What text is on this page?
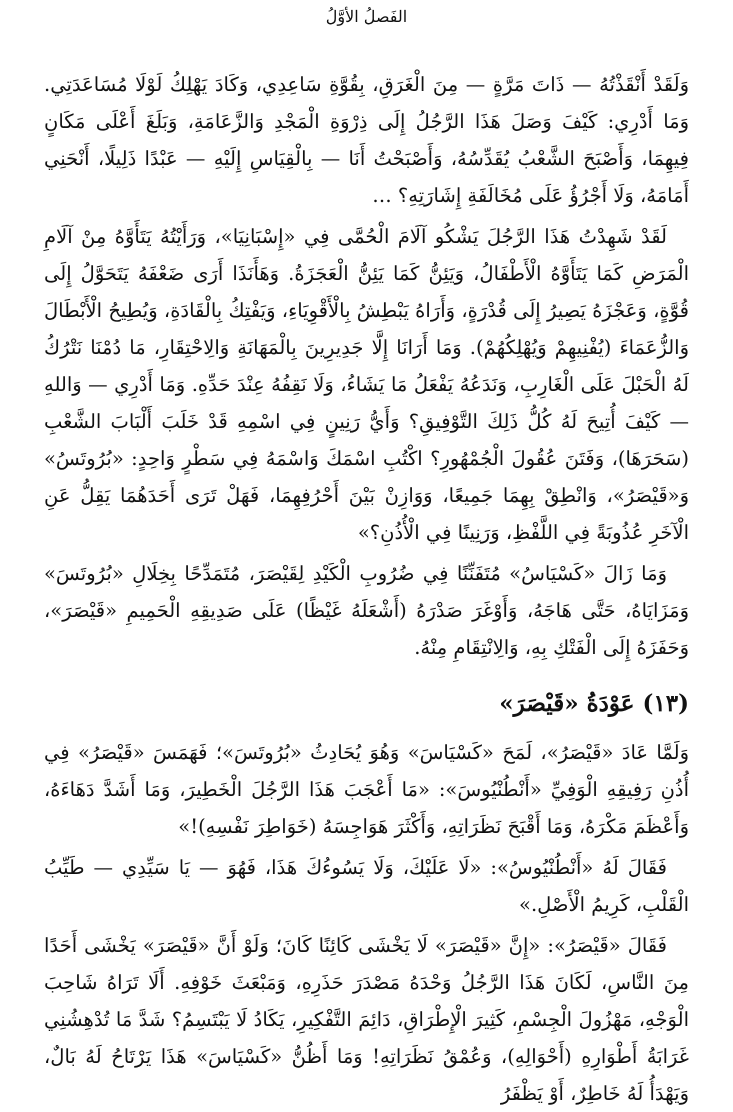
الفَصلُ الأوَّلُ

وَلَقَدْ أَنْقَذْتُهُ — ذَاتَ مَرَّةٍ — مِنَ الْغَرَقِ، بِقُوَّةِ سَاعِدِي، وَكَادَ يَهْلِكُ لَوْلَا مُسَاعَدَتِي. وَمَا أَدْرِي: كَيْفَ وَصَلَ هَذَا الرَّجُلُ إِلَى ذِرْوَةِ الْمَجْدِ وَالزَّعَامَةِ، وَبَلَغَ أَعْلَى مَكَانٍ فِيهِمَا، وَأَصْبَحَ الشَّعْبُ يُقَدِّسُهُ، وَأَصْبَحْتُ أَنَا — بِالْقِيَاسِ إِلَيْهِ — عَبْدًا ذَلِيلًا، أَنْحَنِي أَمَامَهُ، وَلَا أَجْرُؤُ عَلَى مُخَالَفَةِ إِشَارَتِهِ؟ …

لَقَدْ شَهِدْتُ هَذَا الرَّجُلَ يَشْكُو آلَامَ الْحُمَّى فِي «إِسْبَانِيَا»، وَرَأَيْتُهُ يَتَأَوَّهُ مِنْ آلَامِ الْمَرَضِ كَمَا يَتَأَوَّهُ الْأَطْفَالُ، وَيَئِنُّ كَمَا يَئِنُّ الْعَجَزَةُ. وَهَأَنَذَا أَرَى ضَعْفَهُ يَتَحَوَّلُ إِلَى قُوَّةٍ، وَعَجْزَهُ يَصِيرُ إِلَى قُدْرَةٍ، وَأَرَاهُ يَبْطِشُ بِالْأَقْوِيَاءِ، وَيَفْتِكُ بِالْقَادَةِ، وَيُطِيحُ الْأَبْطَالَ وَالزُّعَمَاءَ (يُفْنِيهِمْ وَيُهْلِكُهُمْ). وَمَا أَرَانَا إِلَّا جَدِيرِينَ بِالْمَهَانَةِ وَالِاحْتِقَارِ، مَا دُمْنَا نَتْرُكُ لَهُ الْحَبْلَ عَلَى الْغَارِبِ، وَنَدَعُهُ يَفْعَلُ مَا يَشَاءُ، وَلَا نَقِفُهُ عِنْدَ حَدِّهِ. وَمَا أَدْرِي — وَاللهِ — كَيْفَ أُتِيحَ لَهُ كُلُّ ذَلِكَ التَّوْفِيقِ؟ وَأَيُّ رَنِينٍ فِي اسْمِهِ قَدْ خَلَبَ أَلْبَابَ الشَّعْبِ (سَحَرَهَا)، وَفَتَنَ عُقُولَ الْجُمْهُورِ؟ اكْتُبِ اسْمَكَ وَاسْمَهُ فِي سَطْرٍ وَاحِدٍ: «بُرُوتَسُ» وَ«قَيْصَرُ»، وَانْطِقْ بِهِمَا جَمِيعًا، وَوَازِنْ بَيْنَ أَحْرُفِهِمَا، فَهَلْ تَرَى أَحَدَهُمَا يَقِلُّ عَنِ الْآخَرِ عُذُوبَةً فِي اللَّفْظِ، وَرَنِينًا فِي الْأُذُنِ؟»

وَمَا زَالَ «كَسْيَاسُ» مُتَفَنِّنًا فِي ضُرُوبِ الْكَيْدِ لِقَيْصَرَ، مُتَمَدِّحًا بِخِلَالِ «بُرُوتَسَ» وَمَزَايَاهُ، حَتَّى هَاجَهُ، وَأَوْغَرَ صَدْرَهُ (أَشْعَلَهُ غَيْظًا) عَلَى صَدِيقِهِ الْحَمِيمِ «قَيْصَرَ»، وَحَفَزَهُ إِلَى الْفَتْكِ بِهِ، وَالِانْتِقَامِ مِنْهُ.

(١٣) عَوْدَةُ «قَيْصَرَ»

وَلَمَّا عَادَ «قَيْصَرُ»، لَمَحَ «كَسْيَاسَ» وَهُوَ يُحَادِثُ «بُرُوتَسَ»؛ فَهَمَسَ «قَيْصَرُ» فِي أُذُنِ رَفِيقِهِ الْوَفِيِّ «أَنْطُنْيُوسَ»: «مَا أَعْجَبَ هَذَا الرَّجُلَ الْخَطِيرَ، وَمَا أَشَدَّ دَهَاءَهُ، وَأَعْظَمَ مَكْرَهُ، وَمَا أَقْبَحَ نَظَرَاتِهِ، وَأَكْثَرَ هَوَاجِسَهُ (خَوَاطِرَ نَفْسِهِ)!»

فَقَالَ لَهُ «أَنْطُنْيُوسُ»: «لَا عَلَيْكَ، وَلَا يَسُوءُكَ هَذَا، فَهُوَ — يَا سَيِّدِي — طَيِّبُ الْقَلْبِ، كَرِيمُ الْأَصْلِ.»

فَقَالَ «قَيْصَرُ»: «إِنَّ «قَيْصَرَ» لَا يَخْشَى كَائِنًا كَانَ؛ وَلَوْ أَنَّ «قَيْصَرَ» يَخْشَى أَحَدًا مِنَ النَّاسِ، لَكَانَ هَذَا الرَّجُلُ وَحْدَهُ مَصْدَرَ حَذَرِهِ، وَمَبْعَثَ خَوْفِهِ. أَلَا تَرَاهُ شَاحِبَ الْوَجْهِ، مَهْزُولَ الْجِسْمِ، كَثِيرَ الْإِطْرَاقِ، دَائِمَ التَّفْكِيرِ، يَكَادُ لَا يَبْتَسِمُ؟ شَدَّ مَا تُدْهِشُنِي غَرَابَةُ أَطْوَارِهِ (أَحْوَالِهِ)، وَعُمْقُ نَظَرَاتِهِ! وَمَا أَظُنُّ «كَسْيَاسَ» هَذَا يَرْتَاحُ لَهُ بَالٌ، وَيَهْدَأُ لَهُ خَاطِرٌ، أَوْ يَظْفَرُ
